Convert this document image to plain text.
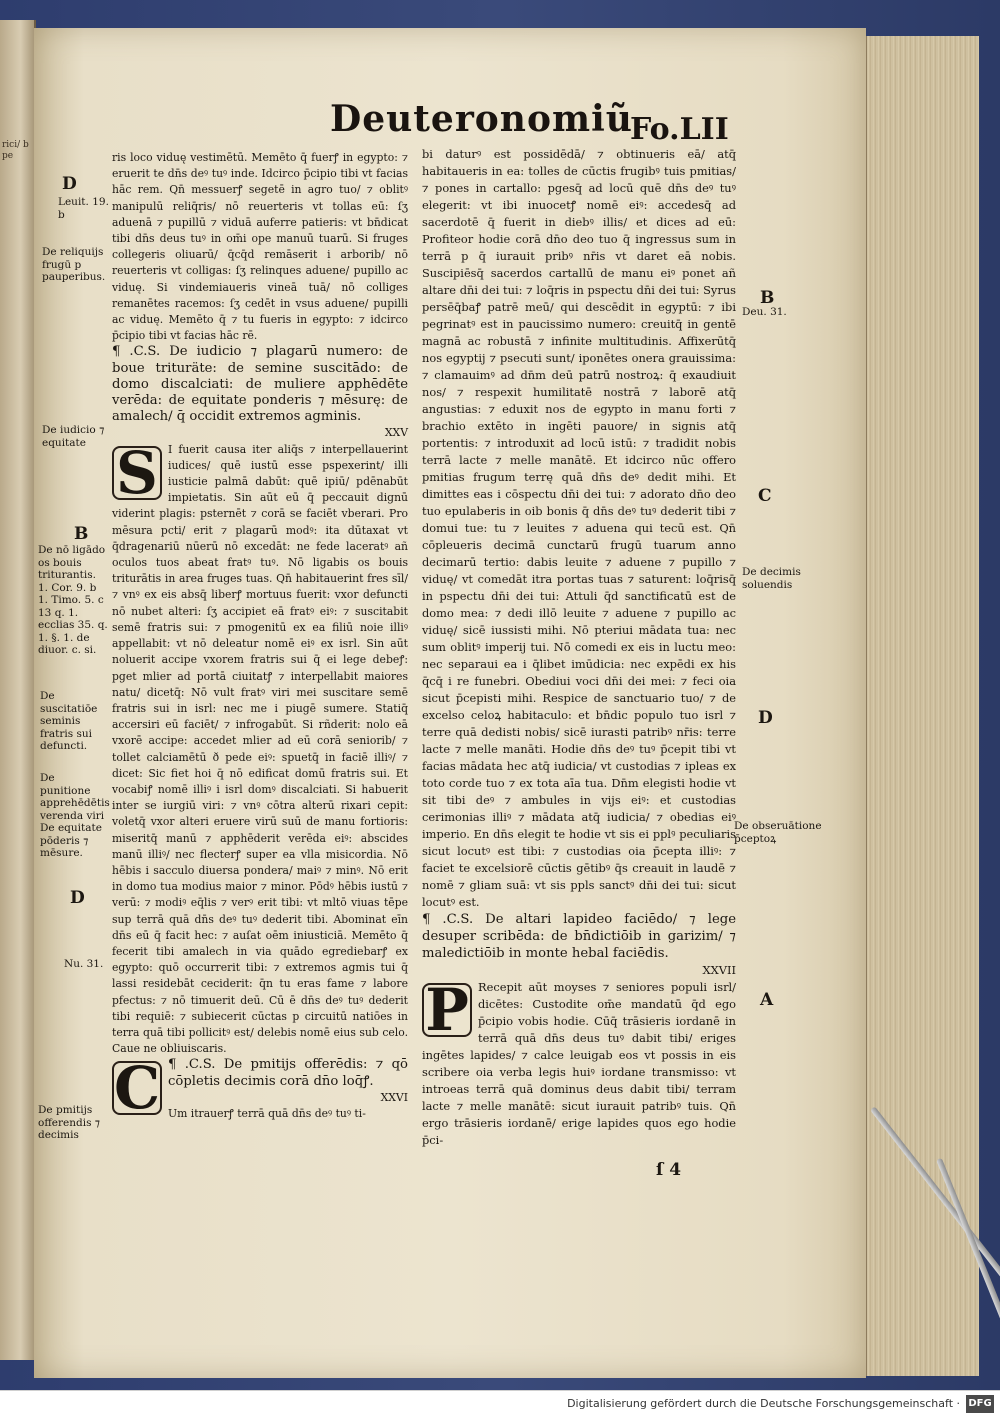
rici/ b pe
Deuteronomiũ
Fo.LII

ris loco viduę vestimētū. Memēto q̄ fuerꝭ in egypto: ⁊ eruerit te dn̄s deꝰ tuꝰ inde. Idcirco p̄cipio tibi vt facias hāc rem. Qn̄ messuerꝭ segetē in agro tuo/ ⁊ oblitꝰ manipulū reliq̄ris/ nō reuerteris vt tollas eū: ſʒ aduenā ⁊ pupillū ⁊ viduā auferre patieris: vt bn̄dicat tibi dn̄s deus tuꝰ in om̄i ope manuū tuarū. Si fruges collegeris oliuarū/ q̄cq̄d remāserit i arborib/ nō reuerteris vt colligas: ſʒ relinques aduene/ pupillo ac viduę. Si vindemiaueris vineā tuā/ nō colliges remanētes racemos: ſʒ cedēt in vsus aduene/ pupilli ac viduę. Memēto q̄ ⁊ tu fueris in egypto: ⁊ idcirco p̄cipio tibi vt facias hāc rē.

¶ .C.S. De iudicio ⁊ plagarū numero: de boue trituräte: de semine suscitādo: de domo discalciati: de muliere apphēdēte verēda: de equitate ponderis ⁊ mēsurę: de amalech/ q̄ occidit extremos agminis.

XXV

S I fuerit causa iter aliq̄s ⁊ interpellauerint iudices/ quē iustū esse pspexerint/ illi iusticie palmā dabūt: quē ipiū/ pdēnabūt impietatis. Sin aūt eū q̄ peccauit dignū viderint plagis: psternēt ⁊ corā se faciēt vberari. Pro mēsura pcti/ erit ⁊ plagarū modꝰ: ita dūtaxat vt q̄dragenariū nūerū nō excedāt: ne fede laceratꝰ añ oculos tuos abeat fratꝰ tuꝰ. Nō ligabis os bouis triturātis in area fruges tuas. Qn̄ habitauerint fres sīl/ ⁊ vnꝰ ex eis absq̄ liberꝭ mortuus fuerit: vxor defuncti nō nubet alteri: ſʒ accipiet eā fratꝰ eiꝰ: ⁊ suscitabit semē fratris sui: ⁊ pmogenitū ex ea filiū noie illiꝰ appellabit: vt nō deleatur nomē eiꝰ ex isrl. Sin aūt noluerit accipe vxorem fratris sui q̄ ei lege debeꝭ: pget mlier ad portā ciuitatꝭ ⁊ interpellabit maiores natu/ dicetq̄: Nō vult fratꝰ viri mei suscitare semē fratris sui in isrl: nec me i piugē sumere. Statiq̄ accersiri eū faciēt/ ⁊ infrogabūt. Si rñderit: nolo eā vxorē accipe: accedet mlier ad eū corā seniorib/ ⁊ tollet calciamētū ð pede eiꝰ: spuetq̄ in faciē illiꝰ/ ⁊ dicet: Sic fiet hoi q̄ nō edificat domū fratris sui. Et vocabiꝭ nomē illiꝰ i isrl domꝰ discalciati. Si habuerit inter se iurgiū viri: ⁊ vnꝰ cōtra alterū rixari cepit: voletq̄ vxor alteri eruere virū suū de manu fortioris: miseritq̄ manū ⁊ apphēderit verēda eiꝰ: abscides manū illiꝰ/ nec flecterꝭ super ea vlla misicordia. Nō hēbis i sacculo diuersa pondera/ maiꝰ ⁊ minꝰ. Nō erit in domo tua modius maior ⁊ minor. Pōdꝰ hēbis iustū ⁊ verū: ⁊ modiꝰ eq̄lis ⁊ verꝰ erit tibi: vt mltō viuas tēpe sup terrā quā dn̄s deꝰ tuꝰ dederit tibi. Abominat eīn dn̄s eū q̄ facit hec: ⁊ auſat oēm iniusticiā. Memēto q̄ fecerit tibi amalech in via quādo egrediebarꝭ ex egypto: quō occurrerit tibi: ⁊ extremos agmis tui q̄ lassi residebāt ceciderit: q̄n tu eras fame ⁊ labore pfectus: ⁊ nō timuerit deū. Cū ē dn̄s deꝰ tuꝰ dederit tibi requiē: ⁊ subiecerit cūctas p circuitū natiōes in terra quā tibi pollicitꝰ est/ delebis nomē eius sub celo. Caue ne obliuiscaris.

C ¶ .C.S. De pmitijs offerēdis: ⁊ qō cōpletis decimis corā dn̄o loq̄ꝭ.

XXVI

Um itrauerꝭ terrā quā dn̄s deꝰ tuꝰ ti-

bi daturꝰ est possidēdā/ ⁊ obtinueris eā/ atq̄ habitaueris in ea: tolles de cūctis frugibꝰ tuis pmitias/ ⁊ pones in cartallo: pgesq̄ ad locū quē dn̄s deꝰ tuꝰ elegerit: vt ibi inuocetꝭ nomē eiꝰ: accedesq̄ ad sacerdotē q̄ fuerit in diebꝰ illis/ et dices ad eū: Profiteor hodie corā dn̄o deo tuo q̄ ingressus sum in terrā p q̄ iurauit pribꝰ nr̄is vt daret eā nobis. Suscipiēsq̄ sacerdos cartallū de manu eiꝰ ponet añ altare dn̄i dei tui: ⁊ loq̄ris in pspectu dn̄i dei tui: Syrus persēq̄baꝭ patrē meū/ qui descēdit in egyptū: ⁊ ibi pegrinatꝰ est in paucissimo numero: creuitq̄ in gentē magnā ac robustā ⁊ infinite multitudinis. Affixerūtq̄ nos egyptij ⁊ psecuti sunt/ iponētes onera grauissima: ⁊ clamauimꝰ ad dn̄m deū patrū nostroꝝ: q̄ exaudiuit nos/ ⁊ respexit humilitatē nostrā ⁊ laborē atq̄ angustias: ⁊ eduxit nos de egypto in manu forti ⁊ brachio extēto in ingēti pauore/ in signis atq̄ portentis: ⁊ introduxit ad locū istū: ⁊ tradidit nobis terrā lacte ⁊ melle manātē. Et idcirco nūc offero pmitias frugum terrę quā dn̄s deꝰ dedit mihi. Et dimittes eas i cōspectu dn̄i dei tui: ⁊ adorato dn̄o deo tuo epulaberis in oib bonis q̄ dn̄s deꝰ tuꝰ dederit tibi ⁊ domui tue: tu ⁊ leuites ⁊ aduena qui tecū est. Qn̄ cōpleueris decimā cunctarū frugū tuarum anno decimarū tertio: dabis leuite ⁊ aduene ⁊ pupillo ⁊ viduę/ vt comedāt itra portas tuas ⁊ saturent: loq̄risq̄ in pspectu dn̄i dei tui: Attuli q̄d sanctificatū est de domo mea: ⁊ dedi illō leuite ⁊ aduene ⁊ pupillo ac viduę/ sicē iussisti mihi. Nō pteriui mādata tua: nec sum oblitꝰ imperij tui. Nō comedi ex eis in luctu meo: nec separaui ea i q̄libet imūdicia: nec expēdi ex his q̄cq̄ i re funebri. Obediui voci dn̄i dei mei: ⁊ feci oia sicut p̄cepisti mihi. Respice de sanctuario tuo/ ⁊ de excelso celoꝝ habitaculo: et bn̄dic populo tuo isrl ⁊ terre quā dedisti nobis/ sicē iurasti patribꝰ nr̄is: terre lacte ⁊ melle manāti. Hodie dn̄s deꝰ tuꝰ p̄cepit tibi vt facias mādata hec atq̄ iudicia/ vt custodias ⁊ ipleas ex toto corde tuo ⁊ ex tota aīa tua. Dn̄m elegisti hodie vt sit tibi deꝰ ⁊ ambules in vijs eiꝰ: et custodias cerimonias illiꝰ ⁊ mādata atq̄ iudicia/ ⁊ obedias eiꝰ imperio. En dn̄s elegit te hodie vt sis ei pplꝰ peculiaris sicut locutꝰ est tibi: ⁊ custodias oia p̄cepta illiꝰ: ⁊ faciet te excelsiorē cūctis gētibꝰ q̄s creauit in laudē ⁊ nomē ⁊ gliam suā: vt sis ppls sanctꝰ dn̄i dei tui: sicut locutꝰ est.

¶ .C.S. De altari lapideo faciēdo/ ⁊ lege desuper scribēda: de bn̄dictiōib in garizim/ ⁊ maledictiōib in monte hebal faciēdis.

XXVII

P Recepit aūt moyses ⁊ seniores populi isrl/ dicētes: Custodite om̄e mandatū q̄d ego p̄cipio vobis hodie. Cūq̄ trāsieris iordanē in terrā quā dn̄s deus tuꝰ dabit tibi/ eriges ingētes lapides/ ⁊ calce leuigab eos vt possis in eis scribere oia verba legis huiꝰ iordane transmisso: vt introeas terrā quā dominus deus dabit tibi/ terram lacte ⁊ melle manātē: sicut iurauit patribꝰ tuis. Qn̄ ergo trāsieris iordanē/ erige lapides quos ego hodie p̄ci-

D
Leuit. 19. b
De reliquijs frugū p pauperibus.
De iudicio ⁊ equitate
B
De nō ligādo os bouis triturantis. 1. Cor. 9. b 1. Timo. 5. c 13 q. 1. ecclias 35. q. 1. §. 1. de diuor. c. si.
De suscitatiōe seminis fratris sui defuncti.
De punitione apprehēdētis verenda viri De equitate pōderis ⁊ mēsure.
D
Nu. 31.
De pmitijs offerendis ⁊ decimis
B
Deu. 31.
C
De decimis soluendis
D
De obseruātione p̄ceptoꝝ
A
ſ 4
Digitalisierung gefördert durch die Deutsche Forschungsgemeinschaft · DFG
